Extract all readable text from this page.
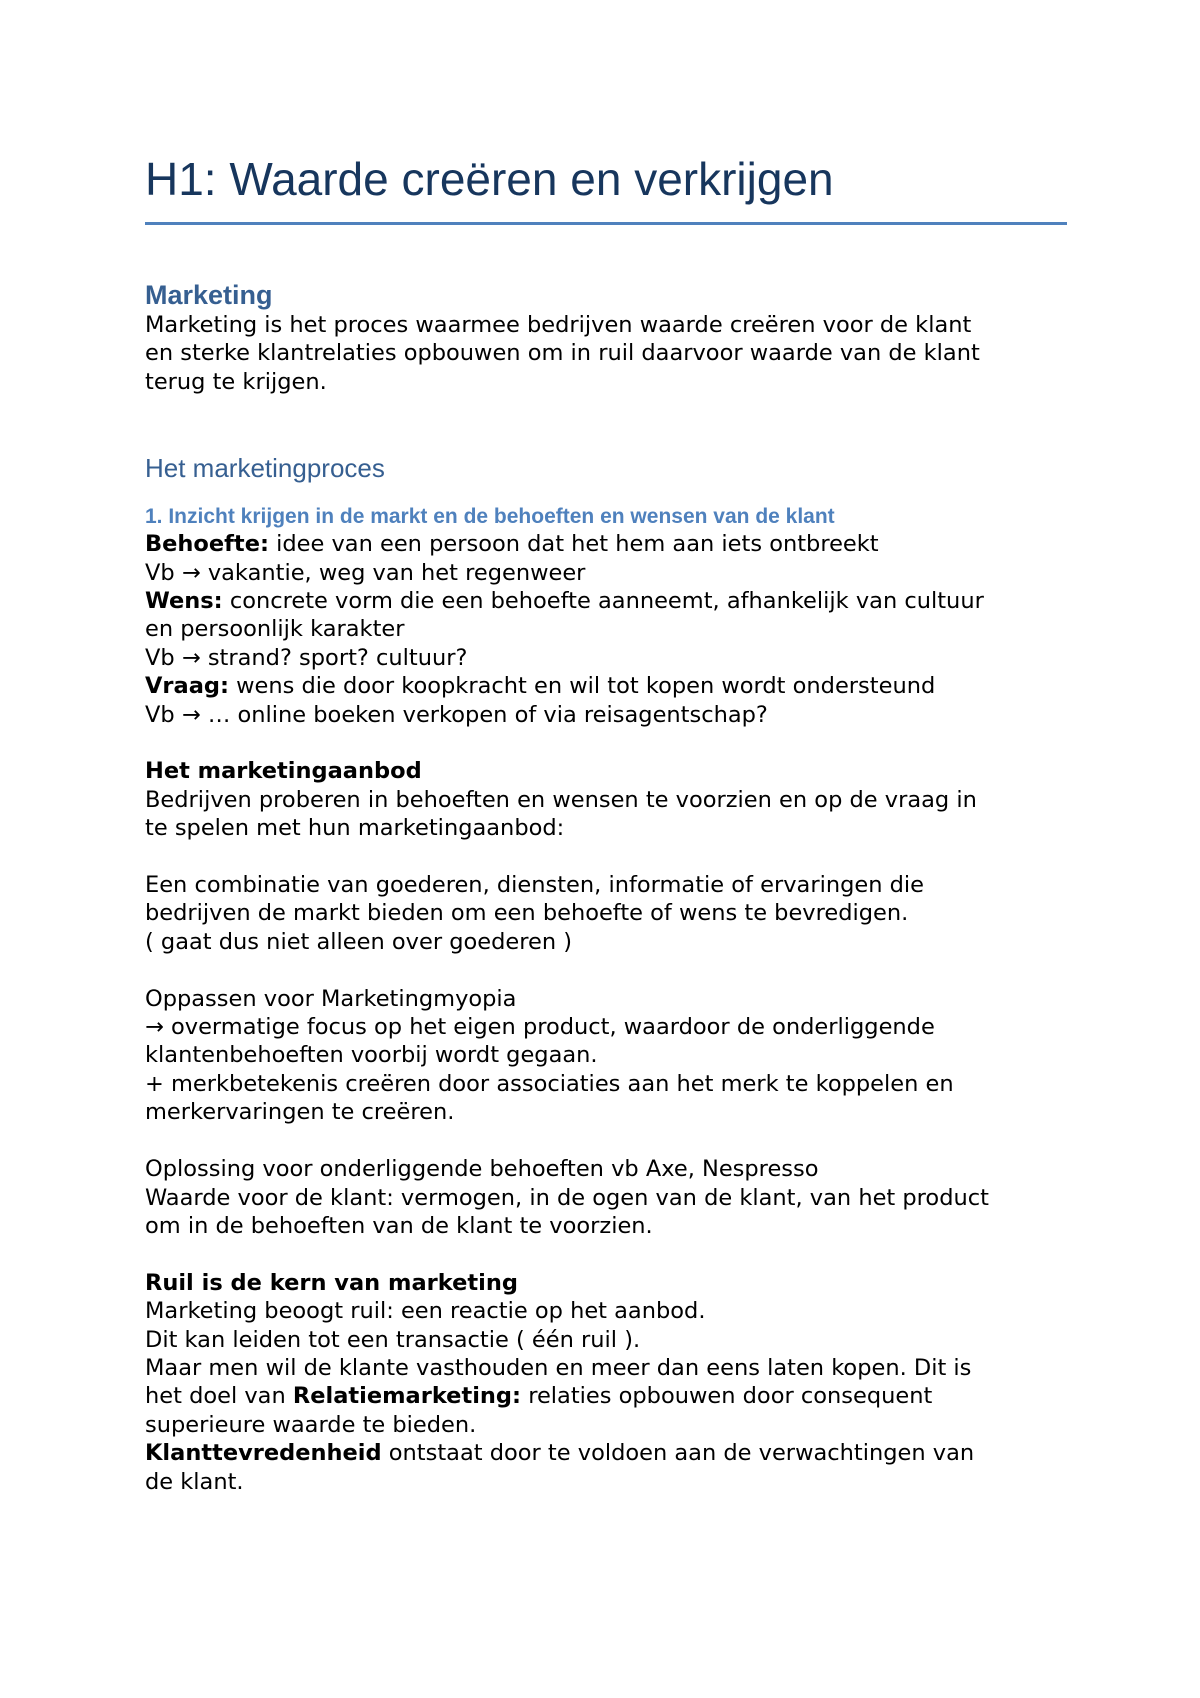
H1: Waarde creëren en verkrijgen
Marketing

Marketing is het proces waarmee bedrijven waarde creëren voor de klant

en sterke klantrelaties opbouwen om in ruil daarvoor waarde van de klant

terug te krijgen.

Het marketingproces
1. Inzicht krijgen in de markt en de behoeften en wensen van de klant

Behoefte: idee van een persoon dat het hem aan iets ontbreekt

Vb → vakantie, weg van het regenweer

Wens: concrete vorm die een behoefte aanneemt, afhankelijk van cultuur

en persoonlijk karakter

Vb → strand? sport? cultuur?

Vraag: wens die door koopkracht en wil tot kopen wordt ondersteund

Vb → … online boeken verkopen of via reisagentschap?

Het marketingaanbod

Bedrijven proberen in behoeften en wensen te voorzien en op de vraag in

te spelen met hun marketingaanbod:

Een combinatie van goederen, diensten, informatie of ervaringen die

bedrijven de markt bieden om een behoefte of wens te bevredigen.

( gaat dus niet alleen over goederen )

Oppassen voor Marketingmyopia

→ overmatige focus op het eigen product, waardoor de onderliggende

klantenbehoeften voorbij wordt gegaan.

+ merkbetekenis creëren door associaties aan het merk te koppelen en

merkervaringen te creëren.

Oplossing voor onderliggende behoeften vb Axe, Nespresso

Waarde voor de klant: vermogen, in de ogen van de klant, van het product

om in de behoeften van de klant te voorzien.

Ruil is de kern van marketing

Marketing beoogt ruil: een reactie op het aanbod.

Dit kan leiden tot een transactie ( één ruil ).

Maar men wil de klante vasthouden en meer dan eens laten kopen. Dit is

het doel van Relatiemarketing: relaties opbouwen door consequent

superieure waarde te bieden.

Klanttevredenheid ontstaat door te voldoen aan de verwachtingen van

de klant.
